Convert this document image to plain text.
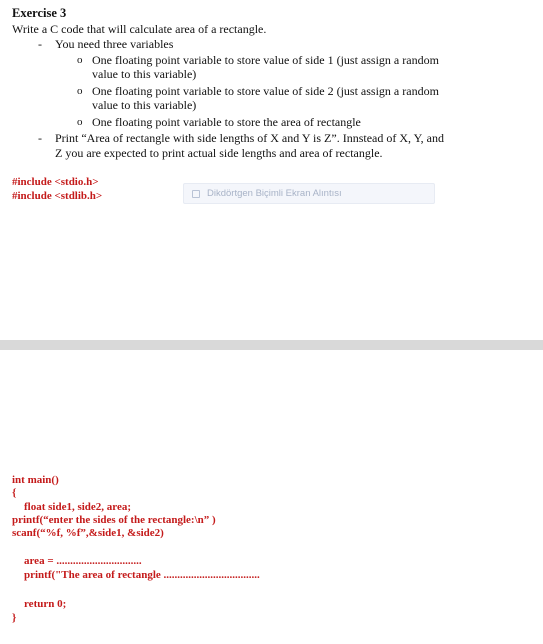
Exercise 3
Write a C code that will calculate area of a rectangle.
- You need three variables
o One floating point variable to store value of side 1 (just assign a random
value to this variable)
o One floating point variable to store value of side 2 (just assign a random
value to this variable)
o One floating point variable to store the area of rectangle
- Print “Area of rectangle with side lengths of X and Y is Z”. Innstead of X, Y, and
Z you are expected to print actual side lengths and area of rectangle.
#include <stdio.h>
#include <stdlib.h>	Dikdörtgen Biçimli Ekran Alıntısı
int main()
{
float side1, side2, area;
printf(“enter the sides of the rectangle:\n” )
scanf(“%f, %f”,&side1, &side2)
area = ...............................
printf("The area of rectangle ...................................
return 0;
}
